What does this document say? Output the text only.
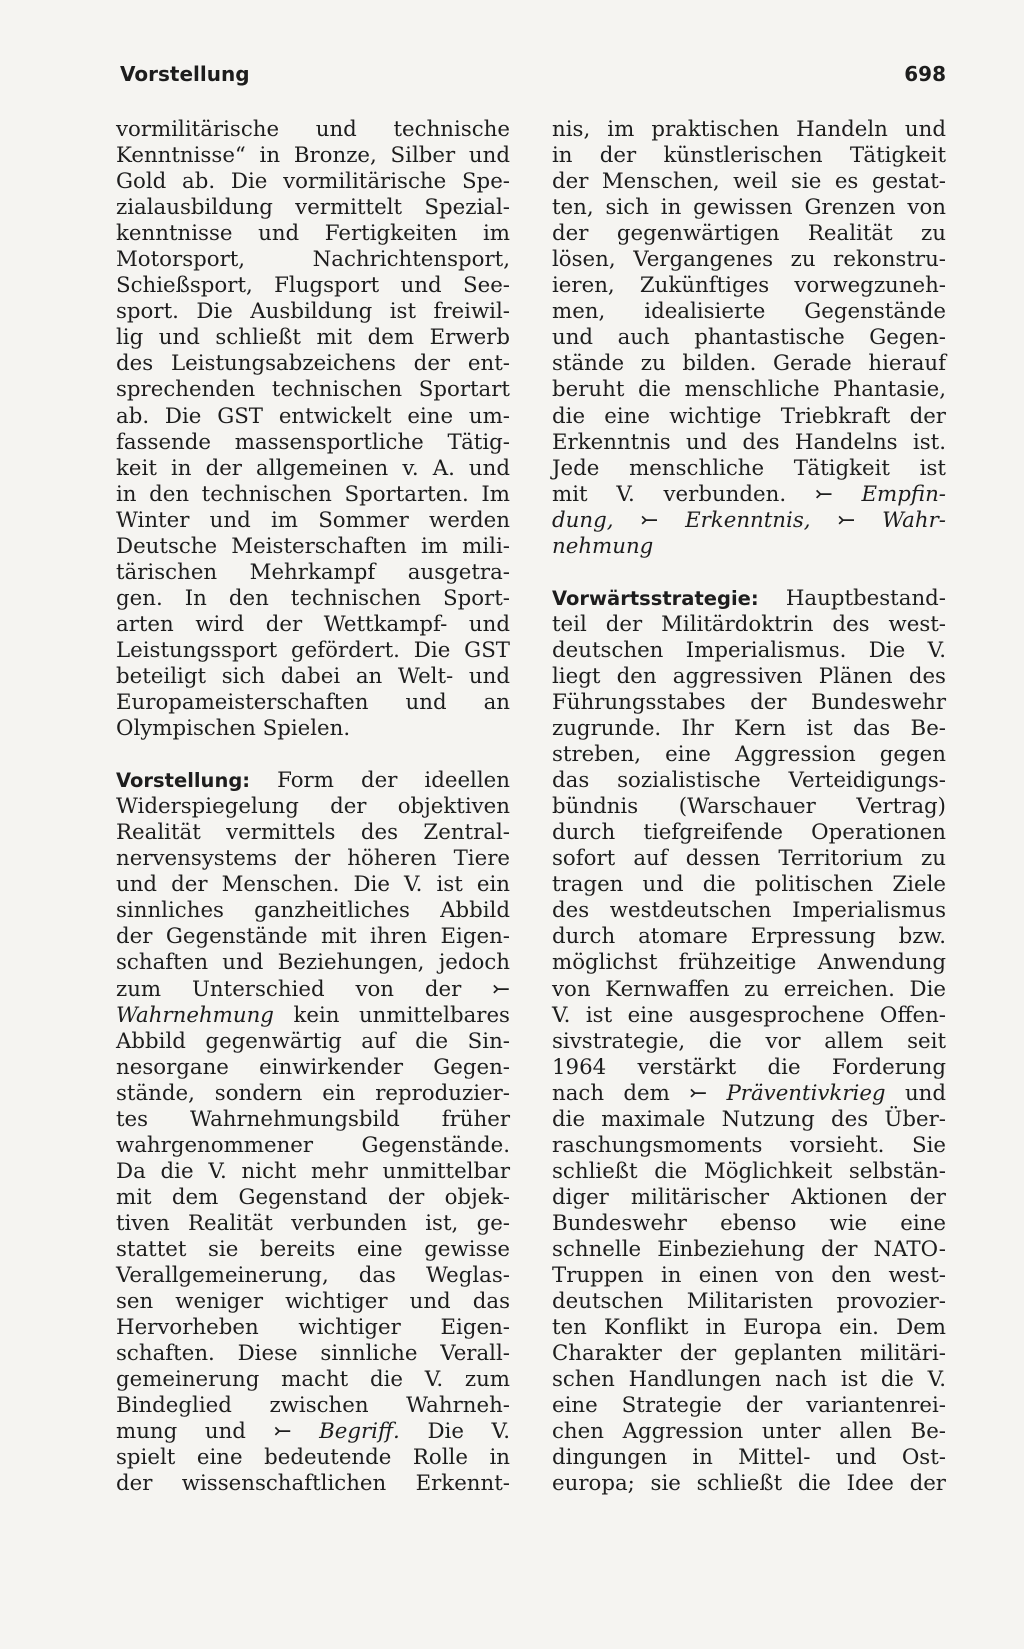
Vorstellung	698

vormilitärische und technische

Kenntnisse“ in Bronze, Silber und

Gold ab. Die vormilitärische Spe-

zialausbildung vermittelt Spezial-

kenntnisse und Fertigkeiten im

Motorsport, Nachrichtensport,

Schießsport, Flugsport und See-

sport. Die Ausbildung ist freiwil-

lig und schließt mit dem Erwerb

des Leistungsabzeichens der ent-

sprechenden technischen Sportart

ab. Die GST entwickelt eine um-

fassende massensportliche Tätig-

keit in der allgemeinen v. A. und

in den technischen Sportarten. Im

Winter und im Sommer werden

Deutsche Meisterschaften im mili-

tärischen Mehrkampf ausgetra-

gen. In den technischen Sport-

arten wird der Wettkampf- und

Leistungssport gefördert. Die GST

beteiligt sich dabei an Welt- und

Europameisterschaften und an

Olympischen Spielen.

Vorstellung: Form der ideellen

Widerspiegelung der objektiven

Realität vermittels des Zentral-

nervensystems der höheren Tiere

und der Menschen. Die V. ist ein

sinnliches ganzheitliches Abbild

der Gegenstände mit ihren Eigen-

schaften und Beziehungen, jedoch

zum Unterschied von der ⤚

Wahrnehmung kein unmittelbares

Abbild gegenwärtig auf die Sin-

nesorgane einwirkender Gegen-

stände, sondern ein reproduzier-

tes Wahrnehmungsbild früher

wahrgenommener Gegenstände.

Da die V. nicht mehr unmittelbar

mit dem Gegenstand der objek-

tiven Realität verbunden ist, ge-

stattet sie bereits eine gewisse

Verallgemeinerung, das Weglas-

sen weniger wichtiger und das

Hervorheben wichtiger Eigen-

schaften. Diese sinnliche Verall-

gemeinerung macht die V. zum

Bindeglied zwischen Wahrneh-

mung und ⤚ Begriff. Die V.

spielt eine bedeutende Rolle in

der wissenschaftlichen Erkennt-

nis, im praktischen Handeln und

in der künstlerischen Tätigkeit

der Menschen, weil sie es gestat-

ten, sich in gewissen Grenzen von

der gegenwärtigen Realität zu

lösen, Vergangenes zu rekonstru-

ieren, Zukünftiges vorwegzuneh-

men, idealisierte Gegenstände

und auch phantastische Gegen-

stände zu bilden. Gerade hierauf

beruht die menschliche Phantasie,

die eine wichtige Triebkraft der

Erkenntnis und des Handelns ist.

Jede menschliche Tätigkeit ist

mit V. verbunden. ⤚ Empfin-

dung, ⤚ Erkenntnis, ⤚ Wahr-

nehmung

Vorwärtsstrategie: Hauptbestand-

teil der Militärdoktrin des west-

deutschen Imperialismus. Die V.

liegt den aggressiven Plänen des

Führungsstabes der Bundeswehr

zugrunde. Ihr Kern ist das Be-

streben, eine Aggression gegen

das sozialistische Verteidigungs-

bündnis (Warschauer Vertrag)

durch tiefgreifende Operationen

sofort auf dessen Territorium zu

tragen und die politischen Ziele

des westdeutschen Imperialismus

durch atomare Erpressung bzw.

möglichst frühzeitige Anwendung

von Kernwaffen zu erreichen. Die

V. ist eine ausgesprochene Offen-

sivstrategie, die vor allem seit

1964 verstärkt die Forderung

nach dem ⤚ Präventivkrieg und

die maximale Nutzung des Über-

raschungsmoments vorsieht. Sie

schließt die Möglichkeit selbstän-

diger militärischer Aktionen der

Bundeswehr ebenso wie eine

schnelle Einbeziehung der NATO-

Truppen in einen von den west-

deutschen Militaristen provozier-

ten Konflikt in Europa ein. Dem

Charakter der geplanten militäri-

schen Handlungen nach ist die V.

eine Strategie der variantenrei-

chen Aggression unter allen Be-

dingungen in Mittel- und Ost-

europa; sie schließt die Idee der
